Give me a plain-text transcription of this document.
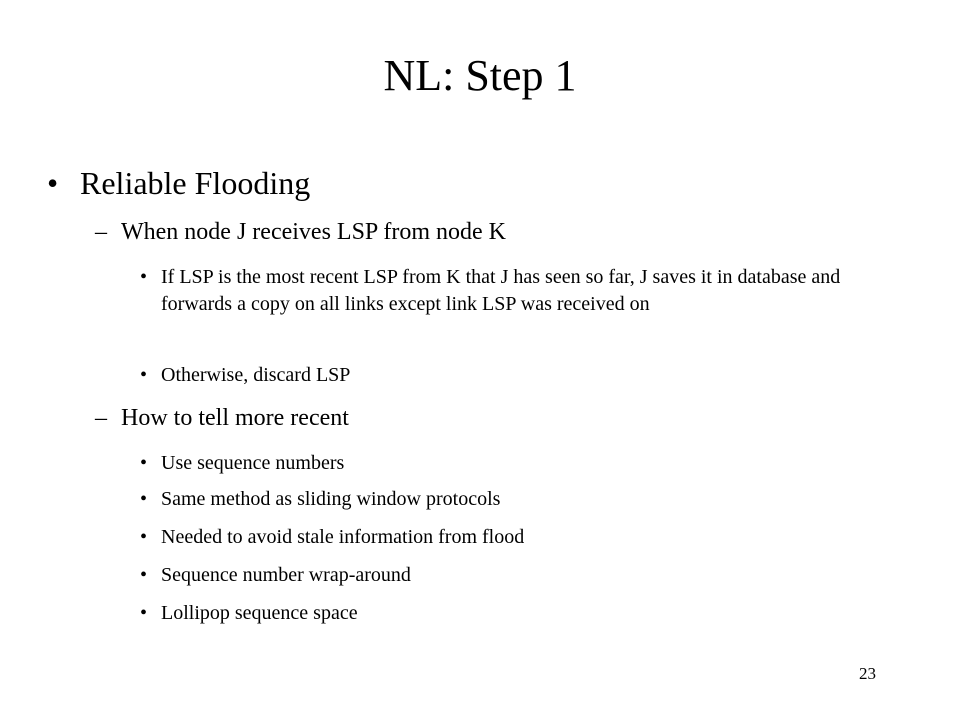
NL: Step 1
• Reliable Flooding
– When node J receives LSP from node K
• If LSP is the most recent LSP from K that J has seen so far, J saves it in database and forwards a copy on all links except link LSP was received on
• Otherwise, discard LSP
– How to tell more recent
• Use sequence numbers
• Same method as sliding window protocols
• Needed to avoid stale information from flood
• Sequence number wrap-around
• Lollipop sequence space
23
